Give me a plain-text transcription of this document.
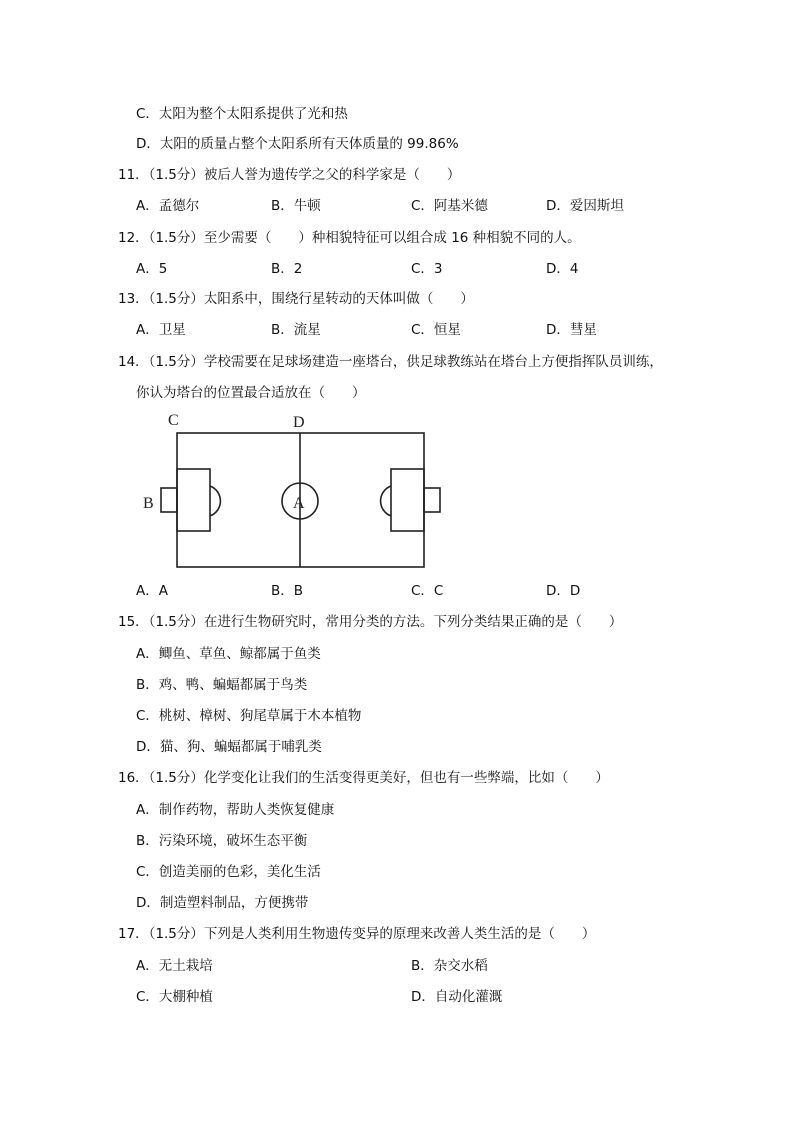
C．太阳为整个太阳系提供了光和热
D．太阳的质量占整个太阳系所有天体质量的 99.86%
11．（1.5分）被后人誉为遗传学之父的科学家是（　　）
A．孟德尔	B．牛顿	C．阿基米德	D．爱因斯坦
12．（1.5分）至少需要（　　）种相貌特征可以组合成 16 种相貌不同的人。
A．5	B．2	C．3	D．4
13．（1.5分）太阳系中，围绕行星转动的天体叫做（　　）
A．卫星	B．流星	C．恒星	D．彗星
14．（1.5分）学校需要在足球场建造一座塔台，供足球教练站在塔台上方便指挥队员训练，
你认为塔台的位置最合适放在（　　）
C	D
B	A
A．A	B．B	C．C	D．D
15．（1.5分）在进行生物研究时，常用分类的方法。下列分类结果正确的是（　　）
A．鲫鱼、草鱼、鲸都属于鱼类
B．鸡、鸭、蝙蝠都属于鸟类
C．桃树、樟树、狗尾草属于木本植物
D．猫、狗、蝙蝠都属于哺乳类
16．（1.5分）化学变化让我们的生活变得更美好，但也有一些弊端，比如（　　）
A．制作药物，帮助人类恢复健康
B．污染环境，破坏生态平衡
C．创造美丽的色彩，美化生活
D．制造塑料制品，方便携带
17．（1.5分）下列是人类利用生物遗传变异的原理来改善人类生活的是（　　）
A．无土栽培	B．杂交水稻
C．大棚种植	D．自动化灌溉
